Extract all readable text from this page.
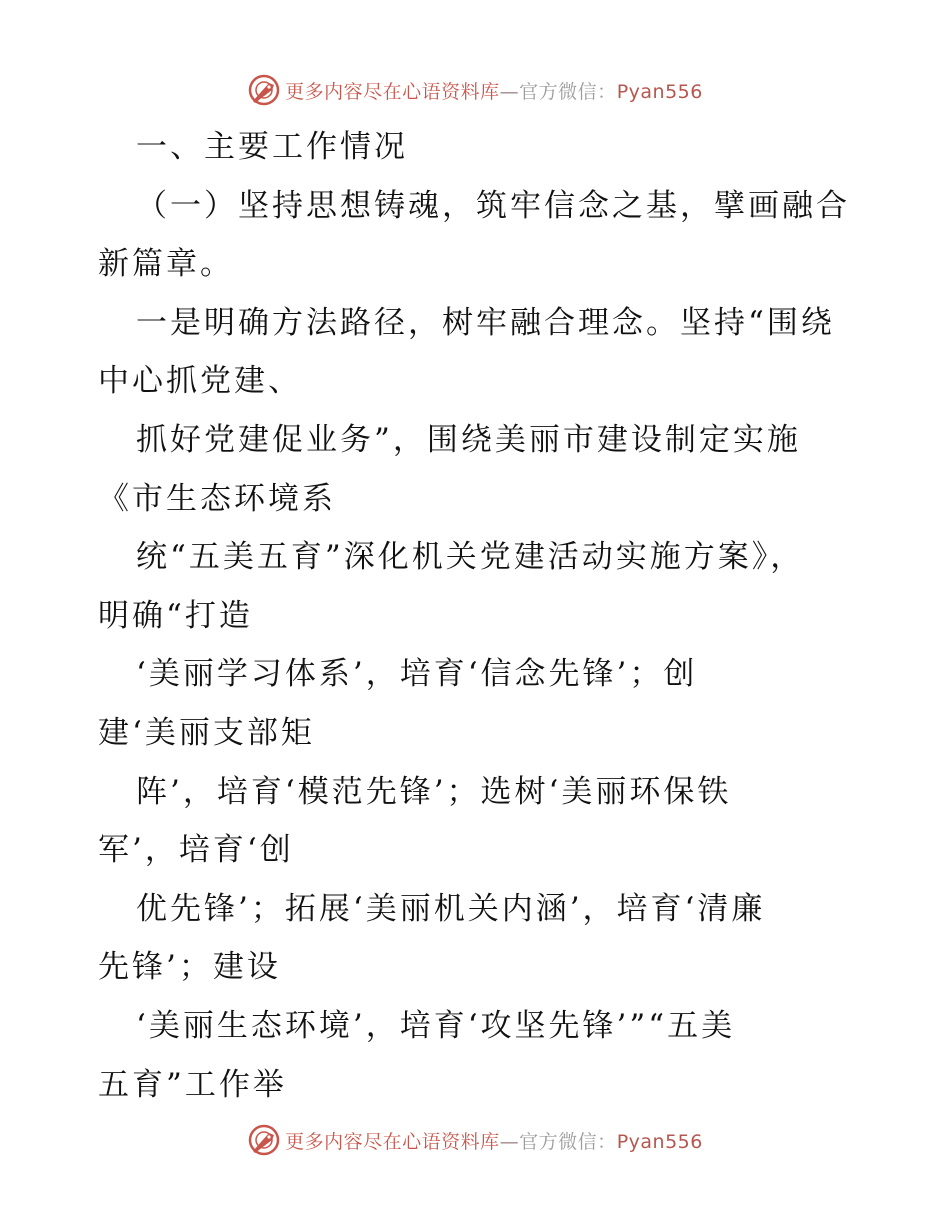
更多内容尽在心语资料库—官方微信：Pyan556
一、主要工作情况
（一）坚持思想铸魂，筑牢信念之基，擘画融合
新篇章。
一是明确方法路径，树牢融合理念。坚持“围绕
中心抓党建、
抓好党建促业务”，围绕美丽市建设制定实施
《市生态环境系
统“五美五育”深化机关党建活动实施方案》，
明确“打造
‘美丽学习体系’，培育‘信念先锋’；创
建‘美丽支部矩
阵’，培育‘模范先锋’；选树‘美丽环保铁
军’，培育‘创
优先锋’；拓展‘美丽机关内涵’，培育‘清廉
先锋’；建设
‘美丽生态环境’，培育‘攻坚先锋’”“五美
五育”工作举
更多内容尽在心语资料库—官方微信：Pyan556
